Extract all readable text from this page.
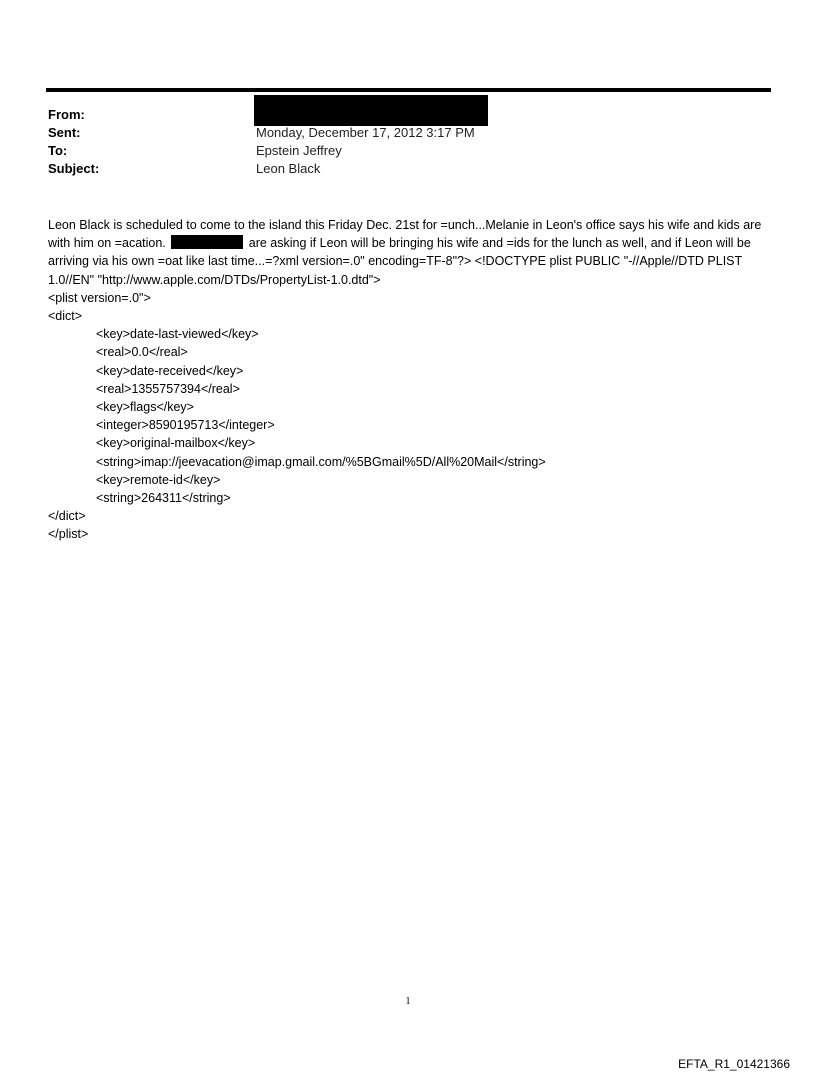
From:
Sent:	Monday, December 17, 2012 3:17 PM
To:	Epstein Jeffrey
Subject:	Leon Black

Leon Black is scheduled to come to the island this Friday Dec. 21st for =unch...Melanie in Leon's office says his wife and kids are with him on =acation.	are asking if Leon will be bringing his wife and =ids for the lunch as well, and if Leon will be arriving via his own =oat like last time...=?xml version=.0" encoding=TF-8"?> <!DOCTYPE plist PUBLIC "-//Apple//DTD PLIST 1.0//EN" "http://www.apple.com/DTDs/PropertyList-1.0.dtd">

<plist version=.0">

<dict>

<key>date-last-viewed</key>

<real>0.0</real>

<key>date-received</key>

<real>1355757394</real>

<key>flags</key>

<integer>8590195713</integer>

<key>original-mailbox</key>

<string>imap://jeevacation@imap.gmail.com/%5BGmail%5D/All%20Mail</string>

<key>remote-id</key>

<string>264311</string>

</dict>

</plist>

1
EFTA_R1_01421366
